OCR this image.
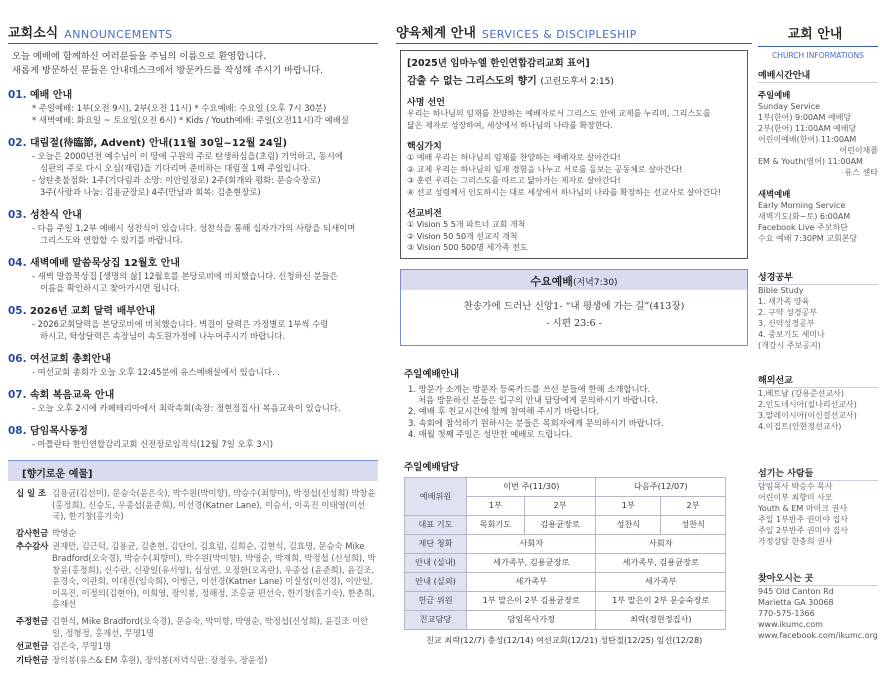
교회소식 ANNOUNCEMENTS
오늘 예배에 함께하신 여러분들을 주님의 이름으로 환영합니다.
새롭게 방문하신 분들은 안내데스크에서 방문카드를 작성해 주시기 바랍니다.
01. 예배 안내
* 주일예배: 1부(오전 9시), 2부(오전 11시) * 수요예배: 수요일 (오후 7시 30분)
* 새벽예배: 화요일 ~ 토요일(오전 6시) * Kids / Youth예배: 주일(오전11시)각 예배실
02. 대림절(待臨節, Advent) 안내(11월 30일~12월 24일)
- 오늘은 2000년전 예수님이 이 땅에 구원의 주로 탄생하심을(초림) 기억하고, 동시에
심판의 주로 다시 오심(재림)을 기다리며 준비하는 대림절 1째 주일입니다.
- 성탄촛불점화: 1주(기다림과 소망: 이안일장로) 2주(회개와 평화: 문승숙장로)
3주(사랑과 나눔: 김용균장로) 4주(만남과 회복: 김춘현장로)
03. 성찬식 안내
- 다음 주일 1,2부 예배시 성찬식이 있습니다. 성찬식을 통해 십자가가의 사랑을 되새이며
그리스도와 연합할 수 있기를 바랍니다.
04. 새벽예배 말씀묵상집 12월호 안내
- 새벽 말씀묵상집 [생명의 삶] 12월호를 본당로비에 비치했습니다. 신청하신 분들은
이름을 확인하시고 찾아가시면 됩니다.
05. 2026년 교회 달력 배부안내
- 2026교회달력을 본당로비에 비치했습니다. 벽걸이 달력은 가정별로 1부씩 수령
하시고, 탁상달력은 속장님이 속도원가정에 나누어주시기 바랍니다.
06. 여선교회 총회안내
- 여선교회 총회가 오늘 오후 12:45분에 유스예배실에서 있습니다. .
07. 속회 복음교육 안내
- 오늘 오후 2시에 카페테리아에서 최락속회(속장: 정현정집사) 복음교육이 있습니다.
08. 담임목사동정
- 아틀란타 한인연합감리교회 신전장로임직식(12월 7일 오후 3시)
[향기로운 예물]
십 일 조 김용균(김선미), 문승숙(윤은숙), 박수원(박미향), 박승수(최향미), 박정섭(신성희) 박창윤(홍정희), 신승도, 우종섭(윤준희), 이선경(Katner Lane), 이승서, 이옥진 이태영(이선국), 한기창(홍기숙)
감사헌금 박영순
추수감사 권재만, 김근덕, 김용균, 김춘현, 김단이, 김효림, 김희순, 김현식, 김효명, 문승숙 Mike Bradford(오숙경), 박승수(최향미), 박수원(박미향), 박영순, 박재희, 박정섭 (신성희), 박창윤(홍정희), 신수란, 신광일(유서영), 심성연, 오정환(오옥란), 우종섭 (윤준희), 윤길조, 윤경숙, 이관희, 이대진(임숙희), 이병근, 이선경(Katner Lane) 이설성(이선경), 이안일, 이옥진, 이정의(김현아), 이희영, 장익봉, 정해정, 조홍균 편선숙, 한기창(홍기숙), 한춘희, 홍재선
주정헌금 김현식, Mike Bradford(오숙경), 문승숙, 박미향, 박영순, 박정섭(신성희), 윤길조 이안일, 정형정, 홍재선, 무명1명
선교헌금 김은숙, 무명1명
기타헌금 장익봉(유스& EM 후원), 장익봉(저녁식판: 장정우, 장윤정)
양육체계 안내 SERVICES & DISCIPLESHIP
[2025년 임마누엘 한인연합감리교회 표어]
감출 수 없는 그리스도의 향기 (고린도후서 2:15)
사명 선언
우리는 하나님의 임재를 찬양하는 예배자로서 그리스도 안에 교제를 누리며, 그리스도를
닮은 제자로 성장하여, 세상에서 하나님의 나라를 확장한다.
핵심가치
① 예배 우리는 하나님의 임재를 찬양하는 예배자로 살아간다!
② 교제 우리는 하나님의 임재 경험을 나누고 서로를 돌보는 공동체로 살아간다!
③ 훈련 우리는 그리스도를 따르고 닮아가는 제자로 살아간다!
④ 선교 성령께서 인도하시는 대로 세상에서 하나님의 나라를 확장하는 선교사로 살아간다!
선교비전
① Vision 5 5개 파트너 교회 개척
② Vision 50 50개 선교지 개척
③ Vision 500 500명 세가족 전도
수요예배(저녁7:30)
찬송가에 드러난 신앙1- “내 평생에 가는 길”(413장)
- 시편 23:6 -
주일예배안내
1. 방문가 소개는 방문자 등록카드를 쓰신 분들에 한해 소개합니다.
처음 방문하신 분들은 입구의 안내 담당에게 문의하시기 바랍니다.
2. 예배 후 친교시간에 함께 참여해 주시기 바랍니다.
3. 속회에 참석하기 원하시는 분들은 목회자에게 문의하시기 바랍니다.
4. 매월 첫째 주일은 성만찬 예배로 드립니다.
주일예배담당
예배위원	이번 주(11/30)		다음주(12/07)	
	1부	2부	1부	2부
대표 기도	목회기도	김용균장로	성찬식	성찬식
제단 청화	사회자		사회자	
안내 (실내)	세가족부, 김용균장로		세가족부, 김용균장로	
안내 (실외)	세가족부		세가족부	
헌금 위원	1부 말은이 2부 김용균장로		1부 말은이 2부 문승숙장로	
친교담당	담임목사가정		최락(정현정집사)	
친교 최락(12/7) 충성(12/14) 여선교회(12/21) 성탄절(12/25) 임선(12/28)
교회 안내
CHURCH INFORMATIONS
예배시간안내
주일예배
Sunday Service
1부(한어) 9:00AM 예배당
2부(한어) 11:00AM 예배당
어린이예배(한어) 11:00AM
어린이채플
EM & Youth(영어) 11:00AM
유스 센타
새벽예배
Early Morning Service
새벽기도(화~토) 6:00AM
Facebook Live 주보하단
수요 예배 7:30PM 교회본당
성경공부
Bible Study
1. 새가족 양육
2. 구약 성경공부
3. 신약성경공부
4. 중보기도 세미나
(개강시 주보공지)
해외선교
1.베트남 (강용준선교사)
2.인도네시아(설나리선교사)
3.말레이시아(이신걸선교사)
4.이집트(안현정선교사)
섬기는 사람들
담임목사 박승수 목사
어린이부 최향미 사모
Youth & EM 마이크 권사
주일 1부반주 권미야 집사
주일 2부반주 권미야 집사
가정상담 한충희 권사
찾아오시는 곳
945 Old Canton Rd
Marietta GA 30068
770-575-1366
www.ikumc.com
www.facebook.com/ikumc.org
